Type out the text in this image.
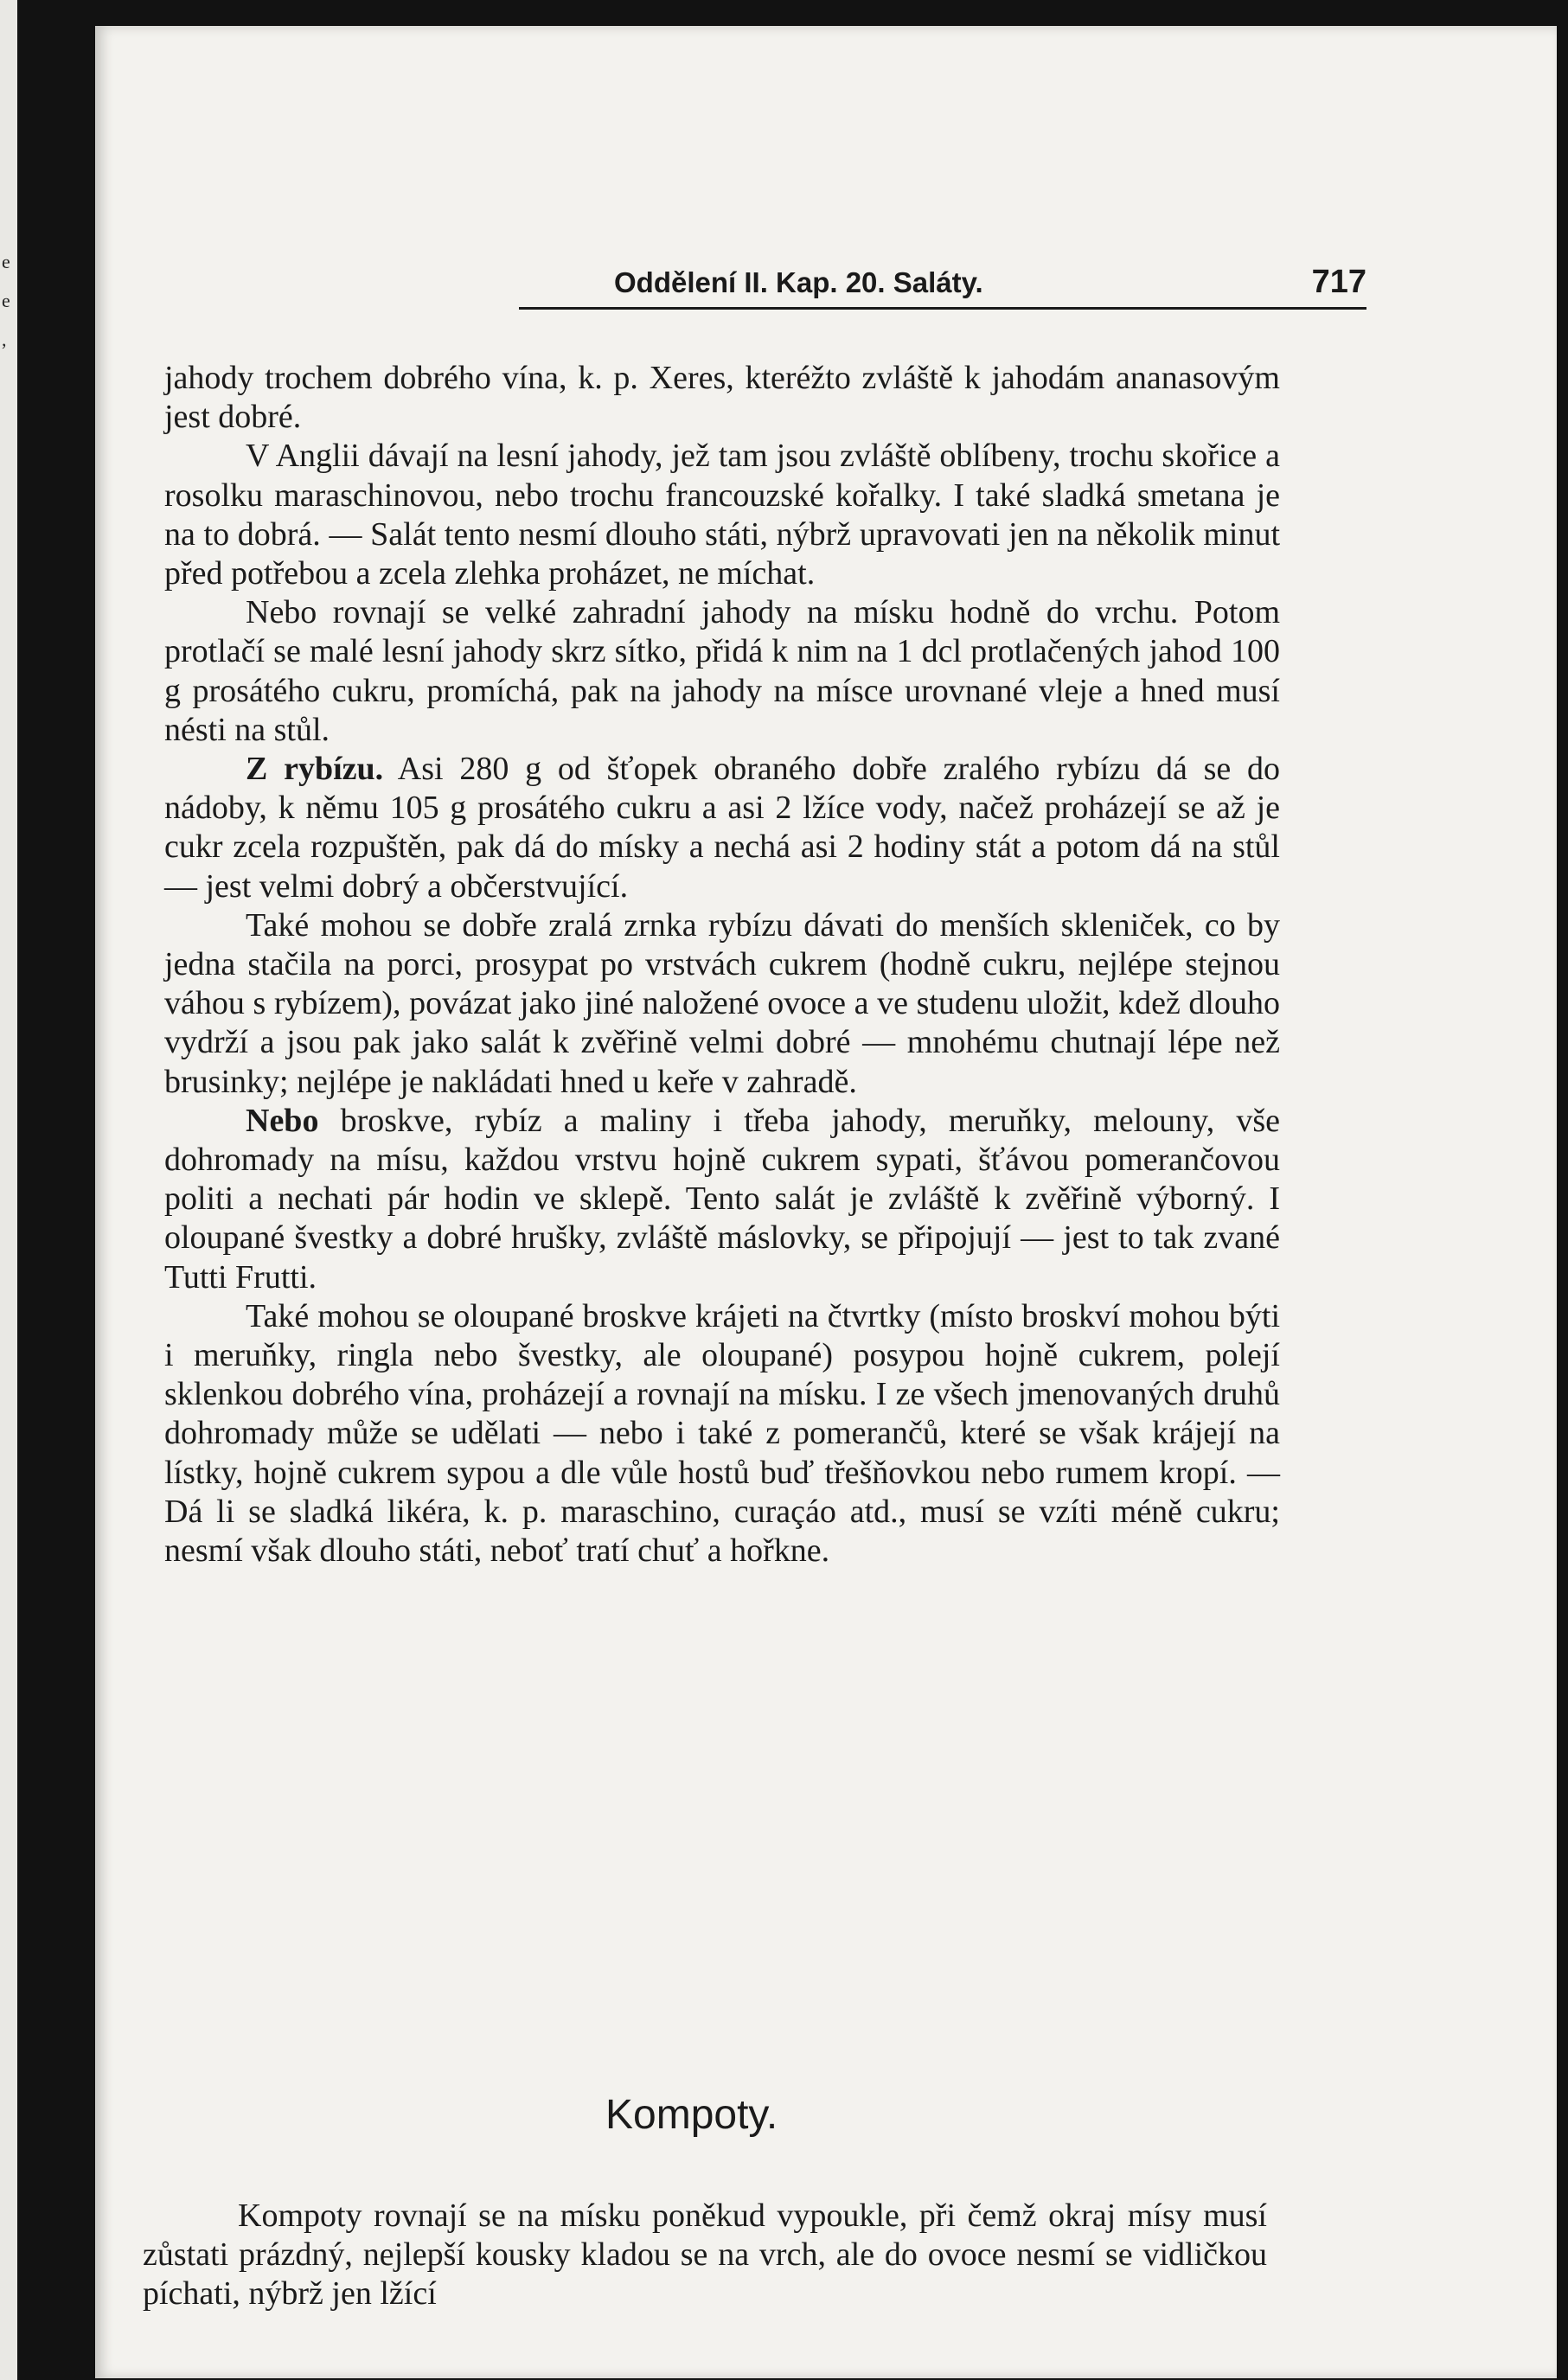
e
e
,
Oddělení II. Kap. 20. Saláty.	717

jahody trochem dobrého vína, k. p. Xeres, kteréžto zvláště k jahodám ananasovým jest dobré.

V Anglii dávají na lesní jahody, jež tam jsou zvláště oblíbeny, trochu skořice a rosolku maraschinovou, nebo trochu francouzské kořalky. I také sladká smetana je na to dobrá. — Salát tento nesmí dlouho státi, nýbrž upravovati jen na několik minut před potřebou a zcela zlehka proházet, ne míchat.

Nebo rovnají se velké zahradní jahody na mísku hodně do vrchu. Potom protlačí se malé lesní jahody skrz sítko, přidá k nim na 1 dcl protlačených jahod 100 g prosátého cukru, promíchá, pak na jahody na mísce urovnané vleje a hned musí nésti na stůl.

Z rybízu. Asi 280 g od šťopek obraného dobře zralého rybízu dá se do nádoby, k němu 105 g prosátého cukru a asi 2 lžíce vody, načež proházejí se až je cukr zcela rozpuštěn, pak dá do mísky a nechá asi 2 hodiny stát a potom dá na stůl — jest velmi dobrý a občerstvující.

Také mohou se dobře zralá zrnka rybízu dávati do menších skleniček, co by jedna stačila na porci, prosypat po vrstvách cukrem (hodně cukru, nejlépe stejnou váhou s rybízem), povázat jako jiné naložené ovoce a ve studenu uložit, kdež dlouho vydrží a jsou pak jako salát k zvěřině velmi dobré — mnohému chutnají lépe než brusinky; nejlépe je nakládati hned u keře v zahradě.

Nebo broskve, rybíz a maliny i třeba jahody, meruňky, melouny, vše dohromady na mísu, každou vrstvu hojně cukrem sypati, šťávou pomerančovou politi a nechati pár hodin ve sklepě. Tento salát je zvláště k zvěřině výborný. I oloupané švestky a dobré hrušky, zvláště máslovky, se připojují — jest to tak zvané Tutti Frutti.

Také mohou se oloupané broskve krájeti na čtvrtky (místo broskví mohou býti i meruňky, ringla nebo švestky, ale oloupané) posypou hojně cukrem, polejí sklenkou dobrého vína, proházejí a rovnají na mísku. I ze všech jmenovaných druhů dohromady může se udělati — nebo i také z pomerančů, které se však krájejí na lístky, hojně cukrem sypou a dle vůle hostů buď třešňovkou nebo rumem kropí. — Dá li se sladká likéra, k. p. maraschino, curaçáo atd., musí se vzíti méně cukru; nesmí však dlouho státi, neboť tratí chuť a hořkne.

Kompoty.

Kompoty rovnají se na mísku poněkud vypoukle, při čemž okraj mísy musí zůstati prázdný, nejlepší kousky kladou se na vrch, ale do ovoce nesmí se vidličkou píchati, nýbrž jen lžící
